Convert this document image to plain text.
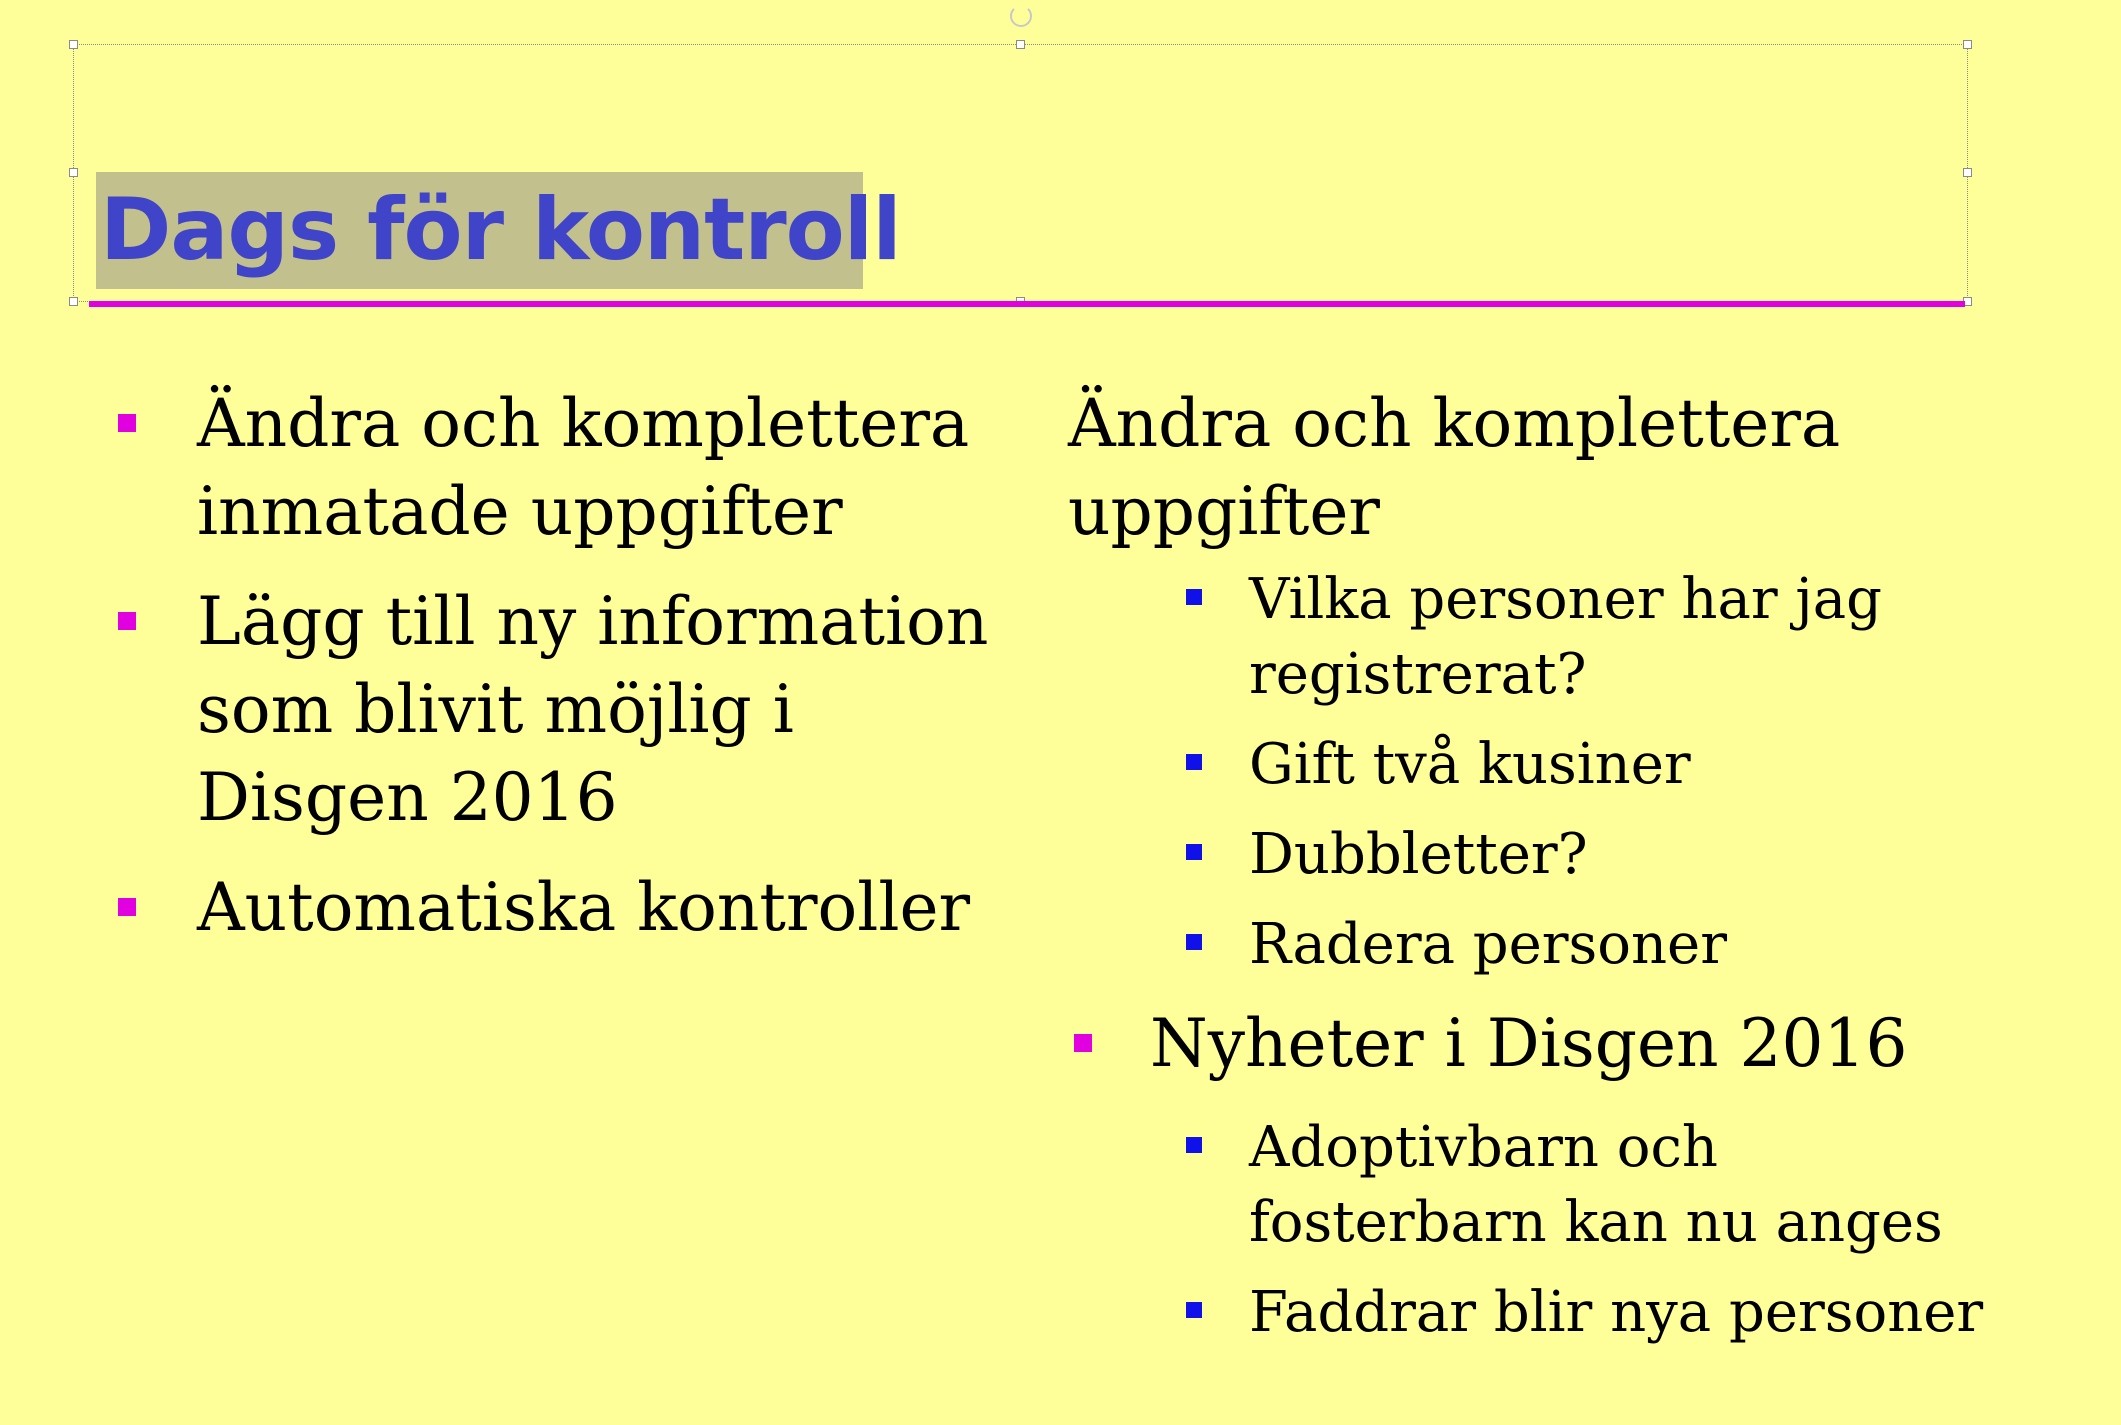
Dags för kontroll
Ändra och komplettera
inmatade uppgifter
Lägg till ny information
som blivit möjlig i
Disgen 2016
Automatiska kontroller

Ändra och komplettera
uppgifter

Vilka personer har jag
registrerat?
Gift två kusiner
Dubbletter?
Radera personer
Nyheter i Disgen 2016
Adoptivbarn och
fosterbarn kan nu anges
Faddrar blir nya personer
